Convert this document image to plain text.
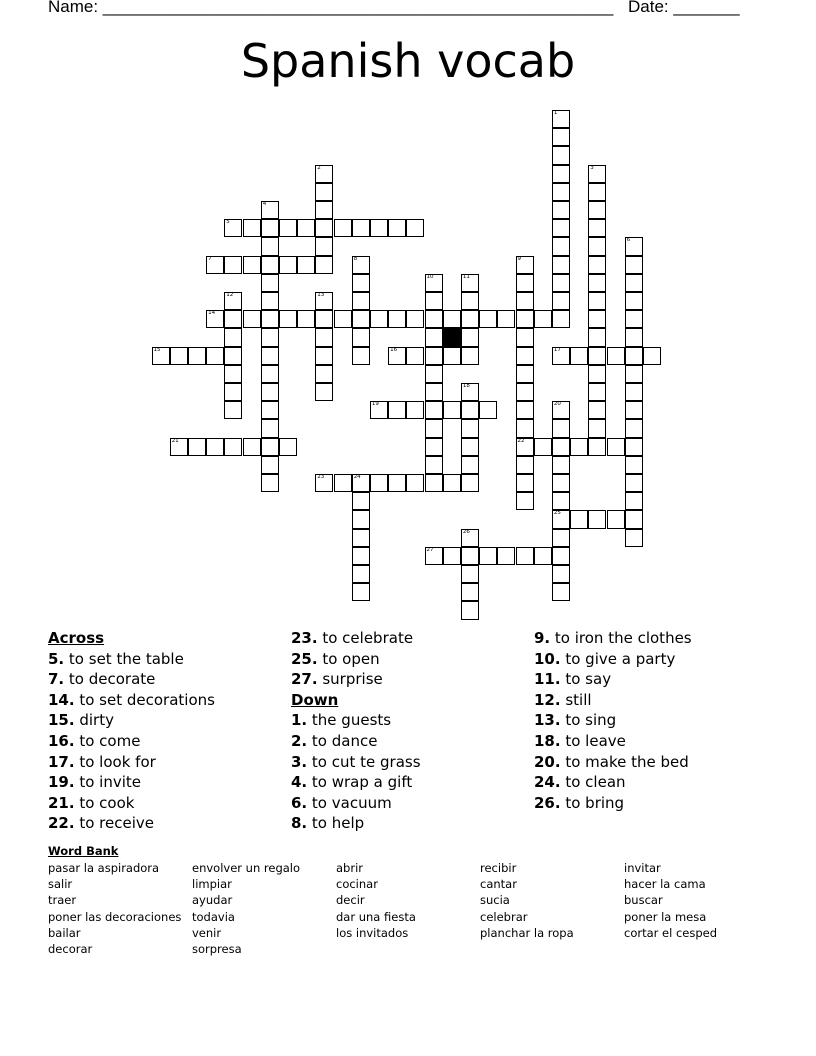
Name: ______________________________________________________ Date: _______
Spanish vocab
5
7
14
15	16	17
19
21	22
23	24
25
27
1
2	3
4
6
8	9
10	11
12	13
18
20
26
Across
5. to set the table
7. to decorate
14. to set decorations
15. dirty
16. to come
17. to look for
19. to invite
21. to cook
22. to receive
23. to celebrate
25. to open
27. surprise
Down
1. the guests
2. to dance
3. to cut te grass
4. to wrap a gift
6. to vacuum
8. to help
9. to iron the clothes
10. to give a party
11. to say
12. still
13. to sing
18. to leave
20. to make the bed
24. to clean
26. to bring
Word Bank
pasar la aspiradora
salir
traer
poner las decoraciones
bailar
decorar
envolver un regalo
limpiar
ayudar
todavia
venir
sorpresa
abrir
cocinar
decir
dar una fiesta
los invitados
recibir
cantar
sucia
celebrar
planchar la ropa
invitar
hacer la cama
buscar
poner la mesa
cortar el cesped
